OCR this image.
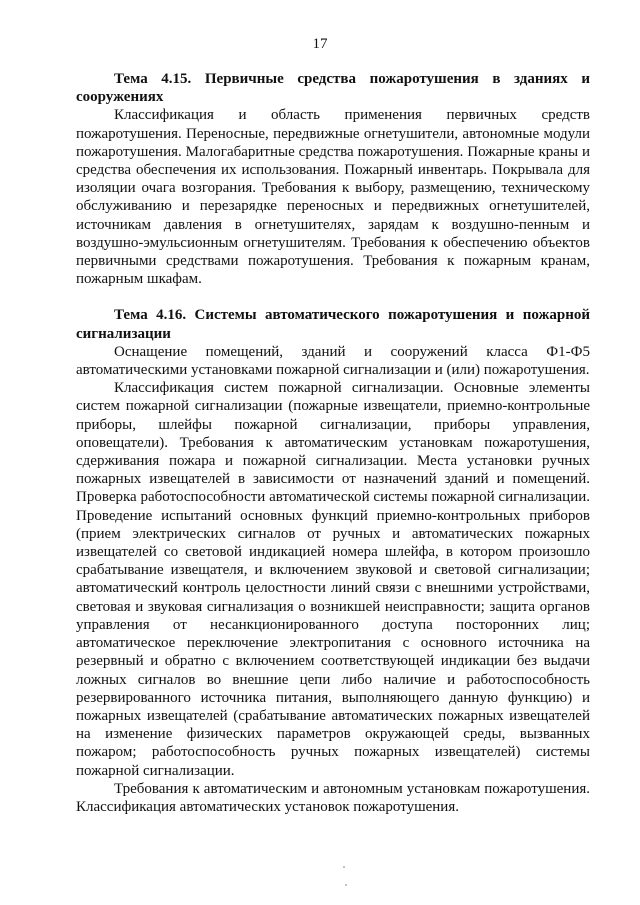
17

Тема 4.15. Первичные средства пожаротушения в зданиях и сооружениях

Классификация и область применения первичных средств пожаротушения. Переносные, передвижные огнетушители, автономные модули пожаротушения. Малогабаритные средства пожаротушения. Пожарные краны и средства обеспечения их использования. Пожарный инвентарь. Покрывала для изоляции очага возгорания. Требования к выбору, размещению, техническому обслуживанию и перезарядке переносных и передвижных огнетушителей, источникам давления в огнетушителях, зарядам к воздушно-пенным и воздушно-эмульсионным огнетушителям. Требования к обеспечению объектов первичными средствами пожаротушения. Требования к пожарным кранам, пожарным шкафам.

Тема 4.16. Системы автоматического пожаротушения и пожарной сигнализации

Оснащение помещений, зданий и сооружений класса Ф1-Ф5 автоматическими установками пожарной сигнализации и (или) пожаротушения.

Классификация систем пожарной сигнализации. Основные элементы систем пожарной сигнализации (пожарные извещатели, приемно-контрольные приборы, шлейфы пожарной сигнализации, приборы управления, оповещатели). Требования к автоматическим установкам пожаротушения, сдерживания пожара и пожарной сигнализации. Места установки ручных пожарных извещателей в зависимости от назначений зданий и помещений. Проверка работоспособности автоматической системы пожарной сигнализации. Проведение испытаний основных функций приемно-контрольных приборов (прием электрических сигналов от ручных и автоматических пожарных извещателей со световой индикацией номера шлейфа, в котором произошло срабатывание извещателя, и включением звуковой и световой сигнализации; автоматический контроль целостности линий связи с внешними устройствами, световая и звуковая сигнализация о возникшей неисправности; защита органов управления от несанкционированного доступа посторонних лиц; автоматическое переключение электропитания с основного источника на резервный и обратно с включением соответствующей индикации без выдачи ложных сигналов во внешние цепи либо наличие и работоспособность резервированного источника питания, выполняющего данную функцию) и пожарных извещателей (срабатывание автоматических пожарных извещателей на изменение физических параметров окружающей среды, вызванных пожаром; работоспособность ручных пожарных извещателей) системы пожарной сигнализации.

Требования к автоматическим и автономным установкам пожаротушения. Классификация автоматических установок пожаротушения.
